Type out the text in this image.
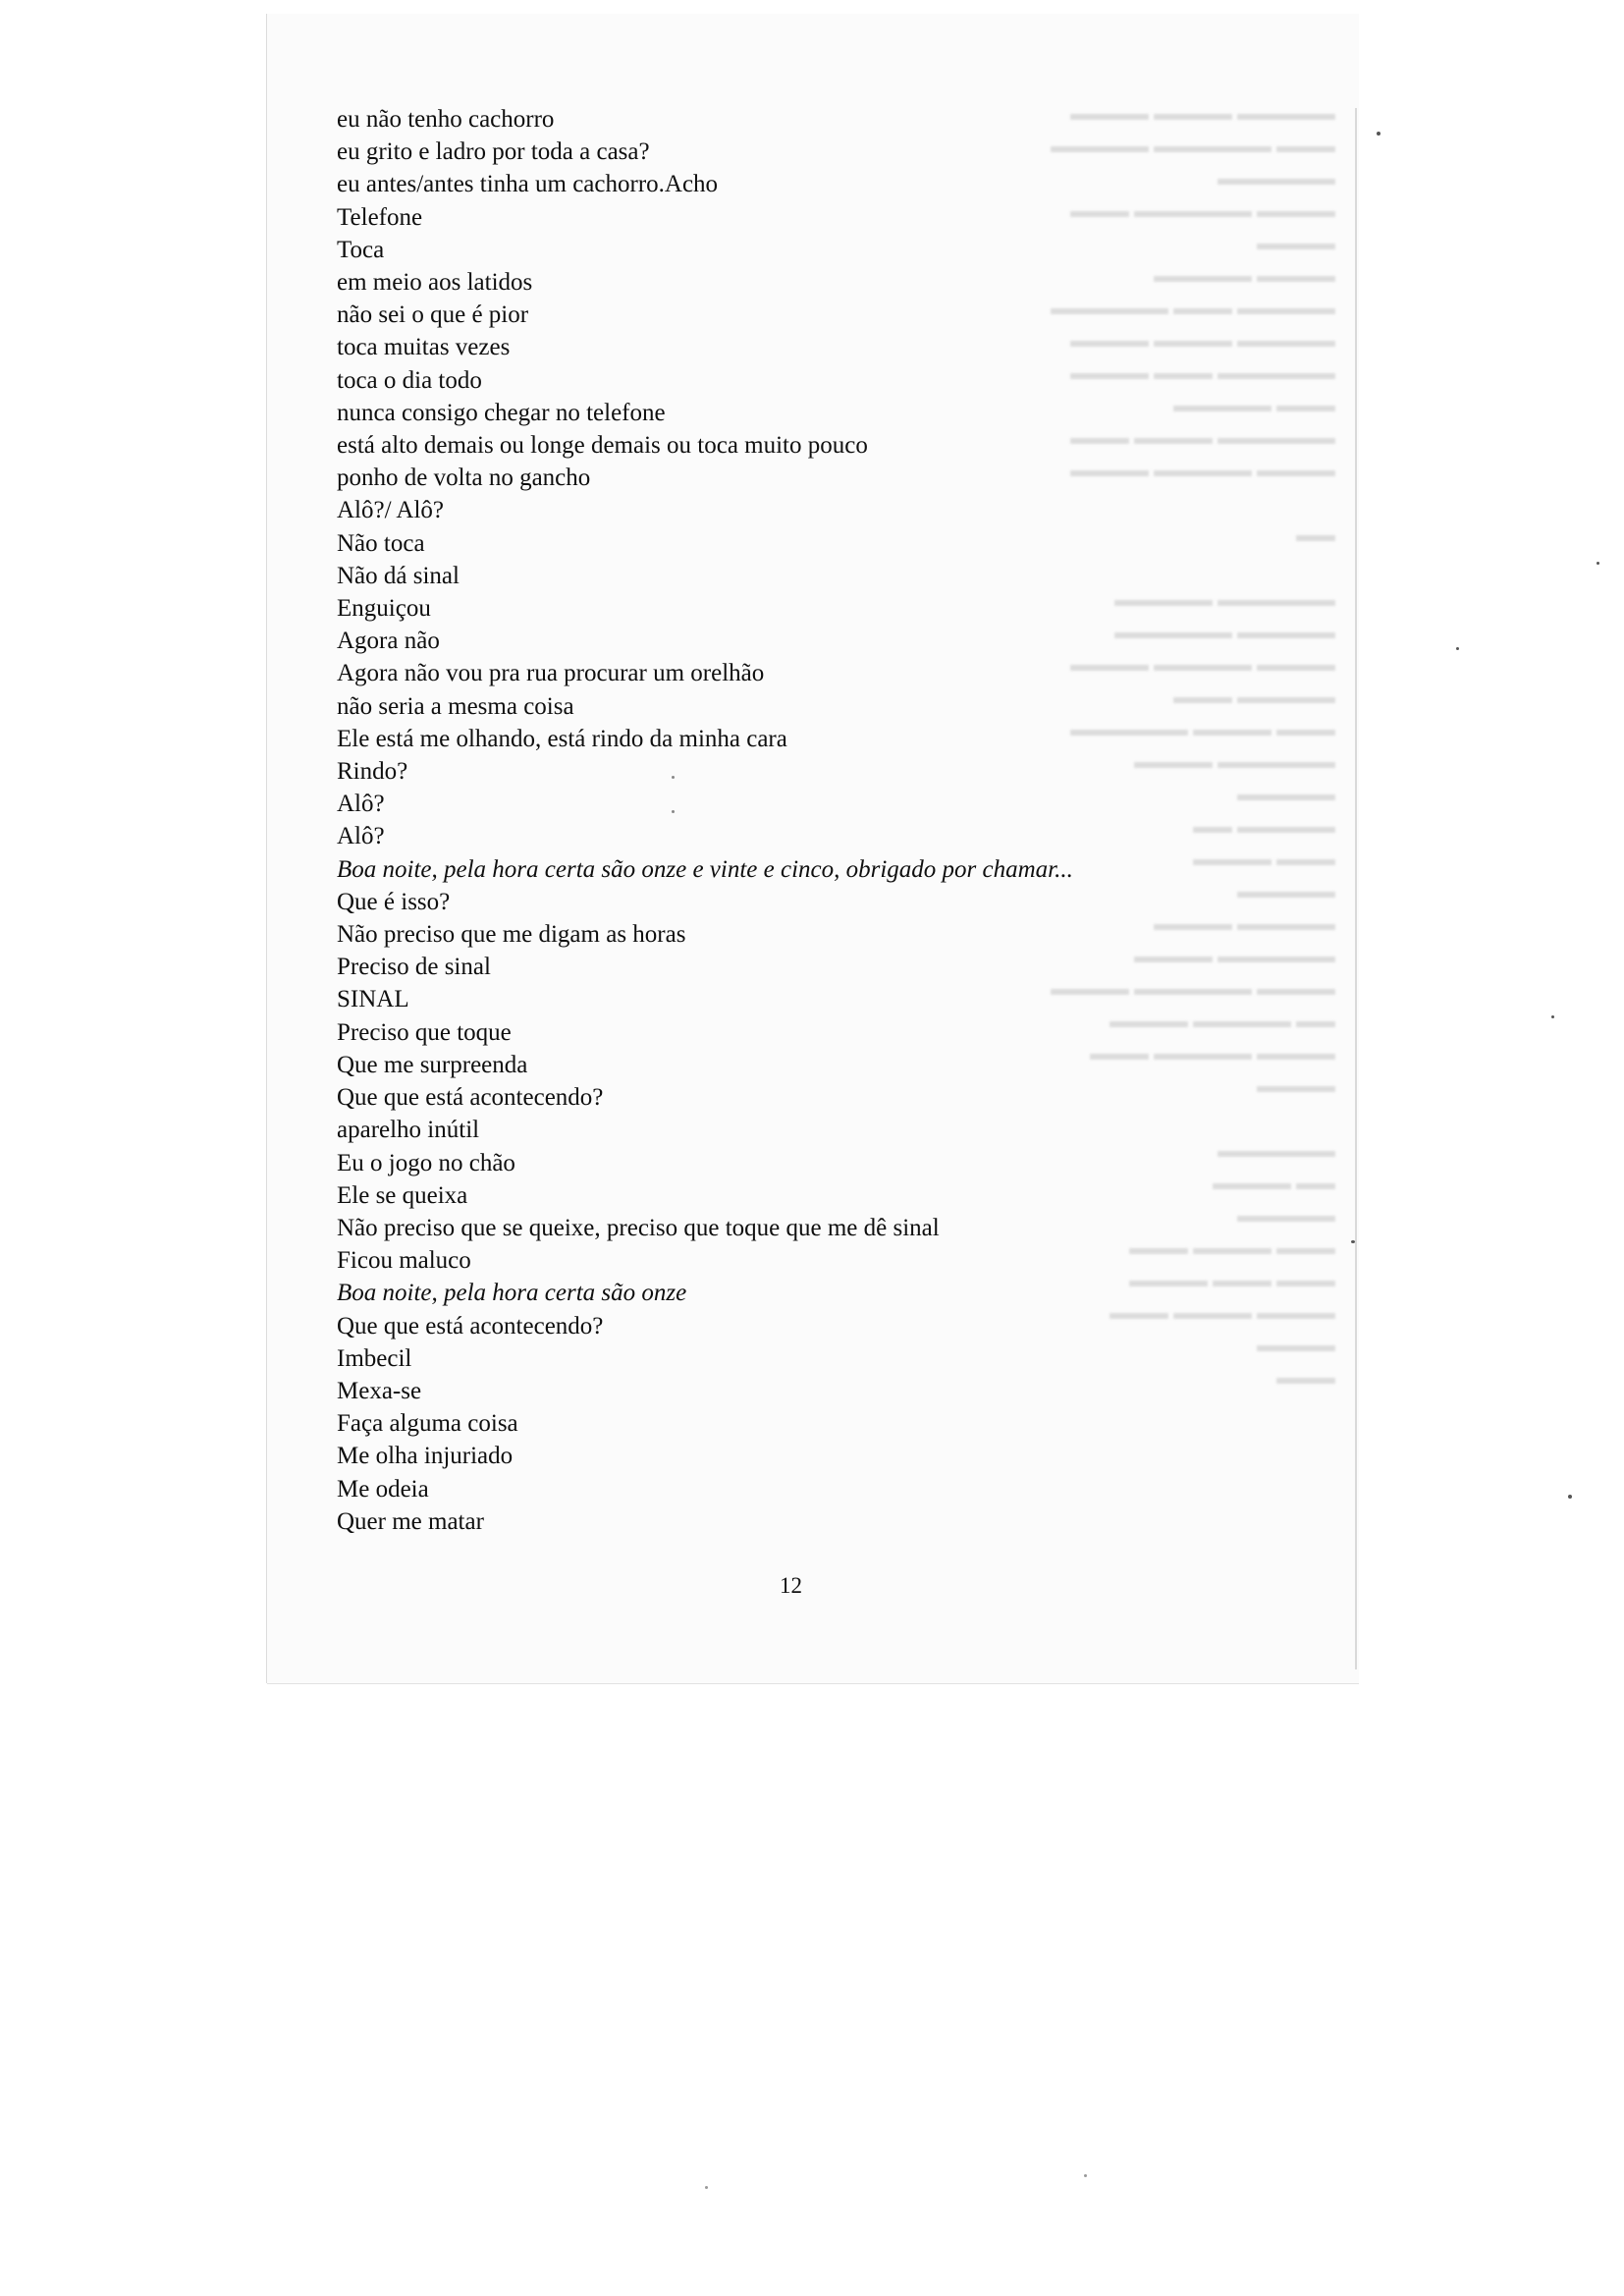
▬▬▬▬▬ ▬▬▬▬ ▬▬▬▬
▬▬▬ ▬▬▬▬▬▬ ▬▬▬▬▬
▬▬▬▬▬▬
▬▬▬▬ ▬▬▬▬▬▬ ▬▬▬
▬▬▬▬
▬▬▬▬ ▬▬▬▬▬
▬▬▬▬▬ ▬▬▬ ▬▬▬▬▬▬
▬▬▬▬▬ ▬▬▬▬ ▬▬▬▬
▬▬▬▬▬▬ ▬▬▬ ▬▬▬▬
▬▬▬ ▬▬▬▬▬
▬▬▬▬▬▬ ▬▬▬▬ ▬▬▬
▬▬▬▬ ▬▬▬▬▬ ▬▬▬▬

▬▬

▬▬▬▬▬▬ ▬▬▬▬▬
▬▬▬▬▬ ▬▬▬▬▬▬
▬▬▬▬ ▬▬▬▬▬ ▬▬▬▬
▬▬▬▬▬ ▬▬▬
▬▬▬ ▬▬▬▬ ▬▬▬▬▬▬
▬▬▬▬▬▬ ▬▬▬▬
▬▬▬▬▬
▬▬▬▬▬ ▬▬
▬▬▬ ▬▬▬▬
▬▬▬▬▬
▬▬▬▬▬ ▬▬▬▬
▬▬▬▬▬▬ ▬▬▬▬
▬▬▬▬ ▬▬▬▬▬▬ ▬▬▬▬
▬▬ ▬▬▬▬▬ ▬▬▬▬
▬▬▬▬ ▬▬▬▬▬ ▬▬▬
▬▬▬▬

▬▬▬▬▬▬
▬▬ ▬▬▬▬
▬▬▬▬▬
▬▬▬ ▬▬▬▬ ▬▬▬
▬▬▬ ▬▬▬ ▬▬▬▬
▬▬▬▬ ▬▬▬▬ ▬▬▬
▬▬▬▬
▬▬▬
eu não tenho cachorro
eu grito e ladro por toda a casa?
eu antes/antes tinha um cachorro.Acho
Telefone
Toca
em meio aos latidos
não sei o que é pior
toca muitas vezes
toca o dia todo
nunca consigo chegar no telefone
está alto demais ou longe demais ou toca muito pouco
ponho de volta no gancho
Alô?/ Alô?
Não toca
Não dá sinal
Enguiçou
Agora não
Agora não vou pra rua procurar um orelhão
não seria a mesma coisa
Ele está me olhando, está rindo da minha cara
Rindo?
Alô?
Alô?
Boa noite, pela hora certa são onze e vinte e cinco, obrigado por chamar...
Que é isso?
Não preciso que me digam as horas
Preciso de sinal
SINAL
Preciso que toque
Que me surpreenda
Que que está acontecendo?
aparelho inútil
Eu o jogo no chão
Ele se queixa
Não preciso que se queixe, preciso que toque que me dê sinal
Ficou maluco
Boa noite, pela hora certa são onze
Que que está acontecendo?
Imbecil
Mexa-se
Faça alguma coisa
Me olha injuriado
Me odeia
Quer me matar
12
